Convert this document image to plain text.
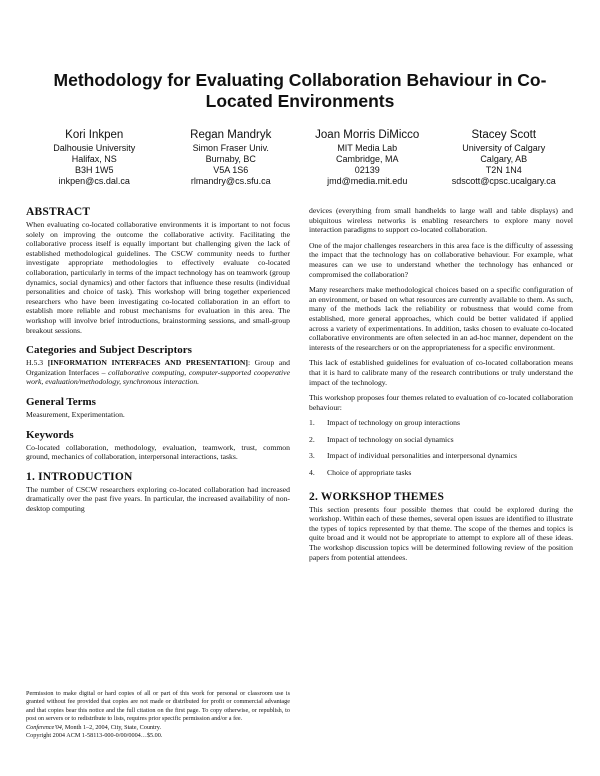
Methodology for Evaluating Collaboration Behaviour in Co-Located Environments
Kori Inkpen
Dalhousie University
Halifax, NS
B3H 1W5
inkpen@cs.dal.ca
Regan Mandryk
Simon Fraser Univ.
Burnaby, BC
V5A 1S6
rlmandry@cs.sfu.ca
Joan Morris DiMicco
MIT Media Lab
Cambridge, MA
02139
jmd@media.mit.edu
Stacey Scott
University of Calgary
Calgary, AB
T2N 1N4
sdscott@cpsc.ucalgary.ca
ABSTRACT

When evaluating co-located collaborative environments it is important to not focus solely on improving the outcome the collaborative activity. Facilitating the collaborative process itself is equally important but challenging given the lack of established methodological guidelines. The CSCW community needs to further investigate appropriate methodologies to effectively evaluate co-located collaboration, particularly in terms of the impact technology has on teamwork (group dynamics, social dynamics) and other factors that influence these results (individual personalities and choice of task). This workshop will bring together experienced researchers who have been investigating co-located collaboration in an effort to establish more reliable and robust mechanisms for evaluation in this area. The workshop will involve brief introductions, brainstorming sessions, and small-group breakout sessions.

Categories and Subject Descriptors

H.5.3 [INFORMATION INTERFACES AND PRESENTATION]: Group and Organization Interfaces – collaborative computing, computer-supported cooperative work, evaluation/methodology, synchronous interaction.

General Terms

Measurement, Experimentation.

Keywords

Co-located collaboration, methodology, evaluation, teamwork, trust, common ground, mechanics of collaboration, interpersonal interactions, tasks.

1. INTRODUCTION

The number of CSCW researchers exploring co-located collaboration had increased dramatically over the past five years. In particular, the increased availability of non-desktop computing

Permission to make digital or hard copies of all or part of this work for personal or classroom use is granted without fee provided that copies are not made or distributed for profit or commercial advantage and that copies bear this notice and the full citation on the first page. To copy otherwise, or republish, to post on servers or to redistribute to lists, requires prior specific permission and/or a fee.
Conference'04, Month 1–2, 2004, City, State, Country.
Copyright 2004 ACM 1-58113-000-0/00/0004…$5.00.

devices (everything from small handhelds to large wall and table displays) and ubiquitous wireless networks is enabling researchers to explore many novel interaction paradigms to support co-located collaboration.

One of the major challenges researchers in this area face is the difficulty of assessing the impact that the technology has on collaborative behaviour. For example, what measures can we use to understand whether the technology has enhanced or compromised the collaboration?

Many researchers make methodological choices based on a specific configuration of an environment, or based on what resources are currently available to them. As such, many of the methods lack the reliability or robustness that would come from established, more general approaches, which could be better validated if applied across a variety of experimentations. In addition, tasks chosen to evaluate co-located collaborative environments are often selected in an ad-hoc manner, dependent on the interests of the researchers or on the appropriateness for a specific environment.

This lack of established guidelines for evaluation of co-located collaboration means that it is hard to calibrate many of the research contributions or truly understand the impact of the technology.

This workshop proposes four themes related to evaluation of co-located collaboration behaviour:

1.	Impact of technology on group interactions
2.	Impact of technology on social dynamics
3.	Impact of individual personalities and interpersonal dynamics
4.	Choice of appropriate tasks
2. WORKSHOP THEMES

This section presents four possible themes that could be explored during the workshop. Within each of these themes, several open issues are identified to illustrate the types of topics represented by that theme. The scope of the themes and topics is quite broad and it would not be appropriate to attempt to explore all of these ideas. The workshop discussion topics will be determined following review of the position papers from potential attendees.
